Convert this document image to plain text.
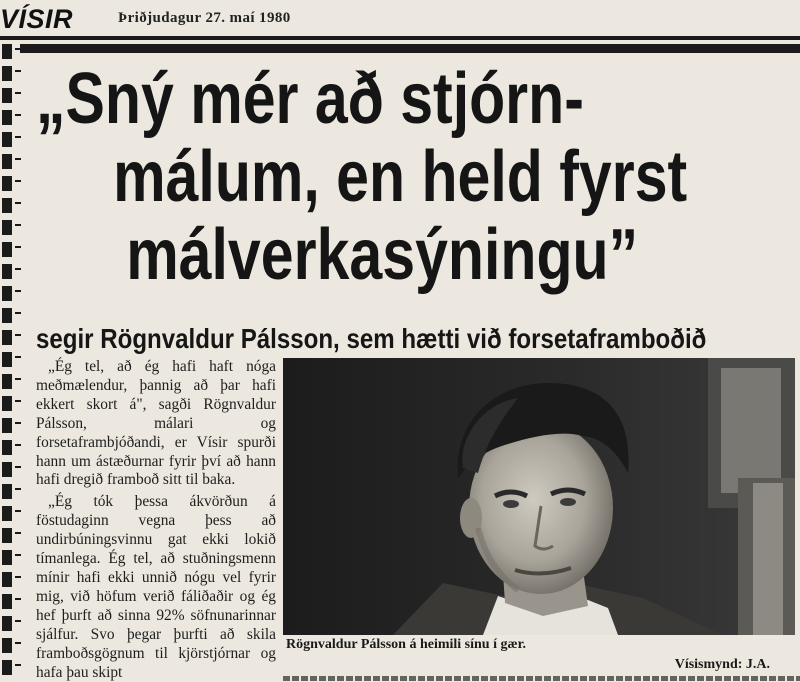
VÍSIR	Þriðjudagur 27. maí 1980
„Sný mér að stjórn-
málum, en held fyrst
málverkasýningu”
segir Rögnvaldur Pálsson, sem hætti við forsetaframboðið

„Ég tel, að ég hafi haft nóga meðmælendur, þannig að þar hafi ekkert skort á", sagði Rögnvaldur Pálsson, málari og forsetaframbjóðandi, er Vísir spurði hann um ástæðurnar fyrir því að hann hafi dregið framboð sitt til baka.

„Ég tók þessa ákvörðun á föstudaginn vegna þess að undirbúningsvinnu gat ekki lokið tímanlega. Ég tel, að stuðningsmenn mínir hafi ekki unnið nógu vel fyrir mig, við höfum verið fáliðaðir og ég hef þurft að sinna 92% söfnunarinnar sjálfur. Svo þegar þurfti að skila framboðsgögnum til kjörstjórnar og hafa þau skipt

Rögnvaldur Pálsson á heimili sínu í gær.
Vísismynd: J.A.
